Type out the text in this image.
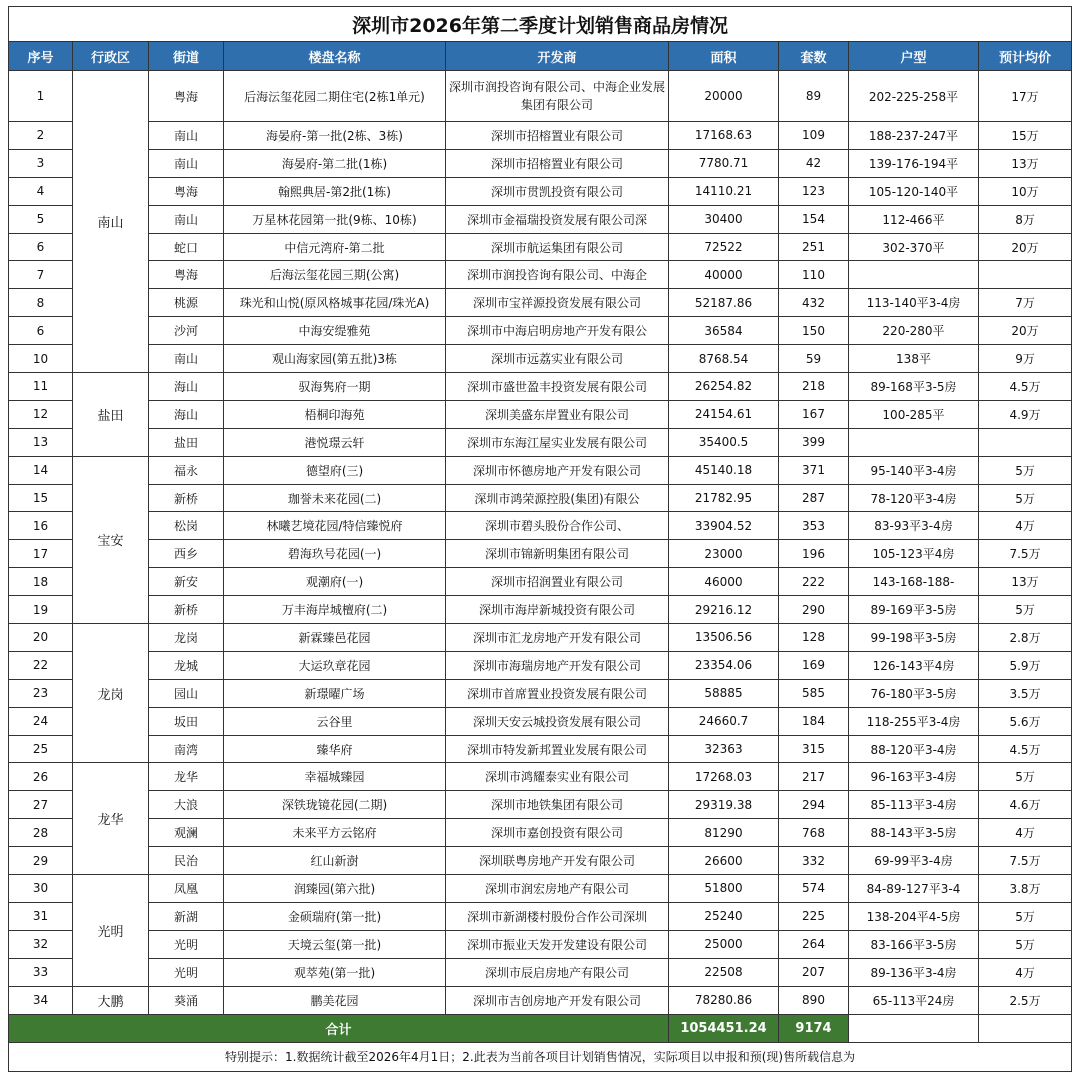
深圳市2026年第二季度计划销售商品房情况								
序号	行政区	街道	楼盘名称	开发商	面积	套数	户型	预计均价
1	南山	粤海	后海沄玺花园二期住宅(2栋1单元)	深圳市润投咨询有限公司、中海企业发展集团有限公司	20000	89	202-225-258平	17万
2		南山	海晏府-第一批(2栋、3栋)	深圳市招榕置业有限公司	17168.63	109	188-237-247平	15万
3		南山	海晏府-第二批(1栋)	深圳市招榕置业有限公司	7780.71	42	139-176-194平	13万
4		粤海	翰熙典居-第2批(1栋)	深圳市贯凯投资有限公司	14110.21	123	105-120-140平	10万
5		南山	万星林花园第一批(9栋、10栋)	深圳市金福瑞投资发展有限公司深	30400	154	112-466平	8万
6		蛇口	中信元湾府-第二批	深圳市航运集团有限公司	72522	251	302-370平	20万
7		粤海	后海沄玺花园三期(公寓)	深圳市润投咨询有限公司、中海企	40000	110		
8		桃源	珠光和山悦(原风格城事花园/珠光A)	深圳市宝祥源投资发展有限公司	52187.86	432	113-140平3-4房	7万
6		沙河	中海安缇雅苑	深圳市中海启明房地产开发有限公	36584	150	220-280平	20万
10		南山	观山海家园(第五批)3栋	深圳市远荔实业有限公司	8768.54	59	138平	9万
11	盐田	海山	驭海隽府一期	深圳市盛世盈丰投资发展有限公司	26254.82	218	89-168平3-5房	4.5万
12		海山	梧桐印海苑	深圳美盛东岸置业有限公司	24154.61	167	100-285平	4.9万
13		盐田	港悦璟云轩	深圳市东海江屋实业发展有限公司	35400.5	399		
14	宝安	福永	德望府(三)	深圳市怀德房地产开发有限公司	45140.18	371	95-140平3-4房	5万
15		新桥	珈誉未来花园(二)	深圳市鸿荣源控股(集团)有限公	21782.95	287	78-120平3-4房	5万
16		松岗	林曦艺境花园/特信臻悦府	深圳市碧头股份合作公司、	33904.52	353	83-93平3-4房	4万
17		西乡	碧海玖号花园(一)	深圳市锦新明集团有限公司	23000	196	105-123平4房	7.5万
18		新安	观潮府(一)	深圳市招润置业有限公司	46000	222	143-168-188-	13万
19		新桥	万丰海岸城檀府(二)	深圳市海岸新城投资有限公司	29216.12	290	89-169平3-5房	5万
20	龙岗	龙岗	新霖臻邑花园	深圳市汇龙房地产开发有限公司	13506.56	128	99-198平3-5房	2.8万
22		龙城	大运玖章花园	深圳市海瑞房地产开发有限公司	23354.06	169	126-143平4房	5.9万
23		园山	新璟曜广场	深圳市首席置业投资发展有限公司	58885	585	76-180平3-5房	3.5万
24		坂田	云谷里	深圳天安云城投资发展有限公司	24660.7	184	118-255平3-4房	5.6万
25		南湾	臻华府	深圳市特发新邦置业发展有限公司	32363	315	88-120平3-4房	4.5万
26	龙华	龙华	幸福城臻园	深圳市鸿耀泰实业有限公司	17268.03	217	96-163平3-4房	5万
27		大浪	深铁珑镜花园(二期)	深圳市地铁集团有限公司	29319.38	294	85-113平3-4房	4.6万
28		观澜	未来平方云铭府	深圳市嘉创投资有限公司	81290	768	88-143平3-5房	4万
29		民治	红山新澍	深圳联粤房地产开发有限公司	26600	332	69-99平3-4房	7.5万
30	光明	凤凰	润臻园(第六批)	深圳市润宏房地产有限公司	51800	574	84-89-127平3-4	3.8万
31		新湖	金硕瑞府(第一批)	深圳市新湖楼村股份合作公司深圳	25240	225	138-204平4-5房	5万
32		光明	天境云玺(第一批)	深圳市振业天发开发建设有限公司	25000	264	83-166平3-5房	5万
33		光明	观萃苑(第一批)	深圳市辰启房地产有限公司	22508	207	89-136平3-4房	4万
34	大鹏	葵涌	鹏美花园	深圳市吉创房地产开发有限公司	78280.86	890	65-113平24房	2.5万
合计					1054451.24	9174		
特别提示：1.数据统计截至2026年4月1日；2.此表为当前各项目计划销售情况，实际项目以申报和预(现)售所载信息为								
